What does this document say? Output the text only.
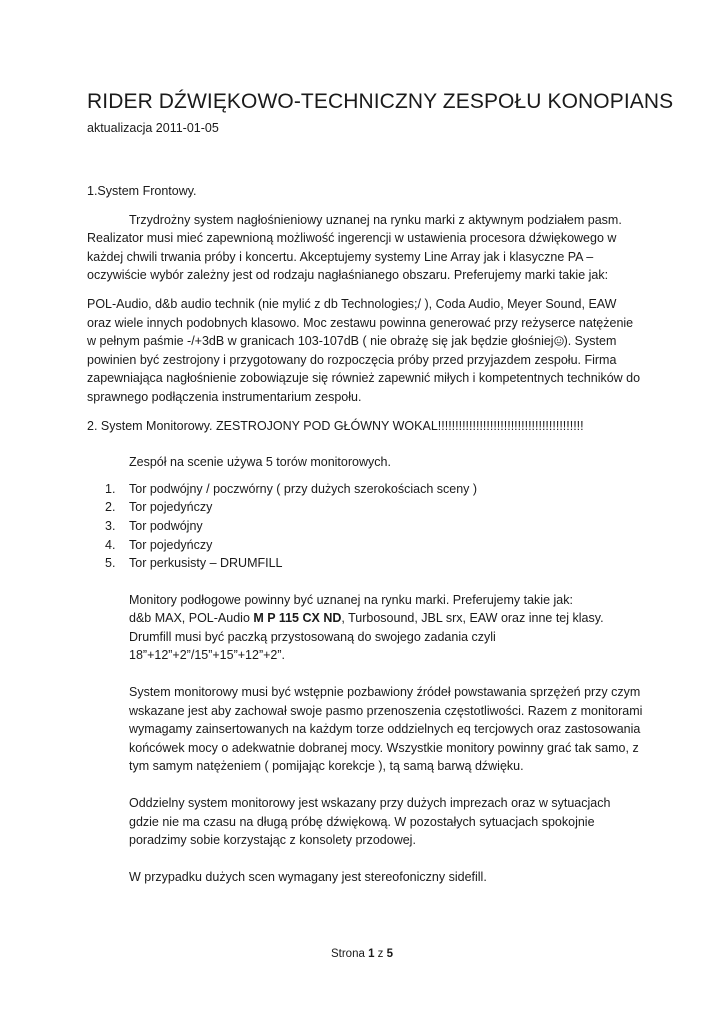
RIDER DŹWIĘKOWO-TECHNICZNY ZESPOŁU KONOPIANS

aktualizacja 2011-01-05

1.System Frontowy.

Trzydrożny system nagłośnieniowy uznanej na rynku marki z aktywnym podziałem pasm. Realizator musi mieć zapewnioną możliwość ingerencji w ustawienia procesora dźwiękowego w każdej chwili trwania próby i koncertu. Akceptujemy systemy Line Array jak i klasyczne PA – oczywiście wybór zależny jest od rodzaju nagłaśnianego obszaru. Preferujemy marki takie jak:

POL-Audio, d&b audio technik (nie mylić z db Technologies;/ ), Coda Audio, Meyer Sound, EAW oraz wiele innych podobnych klasowo. Moc zestawu powinna generować przy reżyserce natężenie w pełnym paśmie -/+3dB w granicach 103-107dB ( nie obrażę się jak będzie głośniej ). System powinien być zestrojony i przygotowany do rozpoczęcia próby przed przyjazdem zespołu. Firma zapewniająca nagłośnienie zobowiązuje się również zapewnić miłych i kompetentnych techników do sprawnego podłączenia instrumentarium zespołu.

2. System Monitorowy. ZESTROJONY POD GŁÓWNY WOKAL!!!!!!!!!!!!!!!!!!!!!!!!!!!!!!!!!!!!!!!!!!

Zespół na scenie używa 5 torów monitorowych.

1. Tor podwójny / poczwórny ( przy dużych szerokościach sceny )
2. Tor pojedyńczy
3. Tor podwójny
4. Tor pojedyńczy
5. Tor perkusisty – DRUMFILL

Monitory podłogowe powinny być uznanej na rynku marki. Preferujemy takie jak:
d&b MAX, POL-Audio M P 115 CX ND, Turbosound, JBL srx, EAW oraz inne tej klasy. Drumfill musi być paczką przystosowaną do swojego zadania czyli 18”+12”+2”/15”+15”+12”+2”.

System monitorowy musi być wstępnie pozbawiony źródeł powstawania sprzężeń przy czym wskazane jest aby zachował swoje pasmo przenoszenia częstotliwości. Razem z monitorami wymagamy zainsertowanych na każdym torze oddzielnych eq tercjowych oraz zastosowania końcówek mocy o adekwatnie dobranej mocy. Wszystkie monitory powinny grać tak samo, z tym samym natężeniem ( pomijając korekcje ), tą samą barwą dźwięku.

Oddzielny system monitorowy jest wskazany przy dużych imprezach oraz w sytuacjach gdzie nie ma czasu na długą próbę dźwiękową. W pozostałych sytuacjach spokojnie poradzimy sobie korzystając z konsolety przodowej.

W przypadku dużych scen wymagany jest stereofoniczny sidefill.

Strona 1 z 5
